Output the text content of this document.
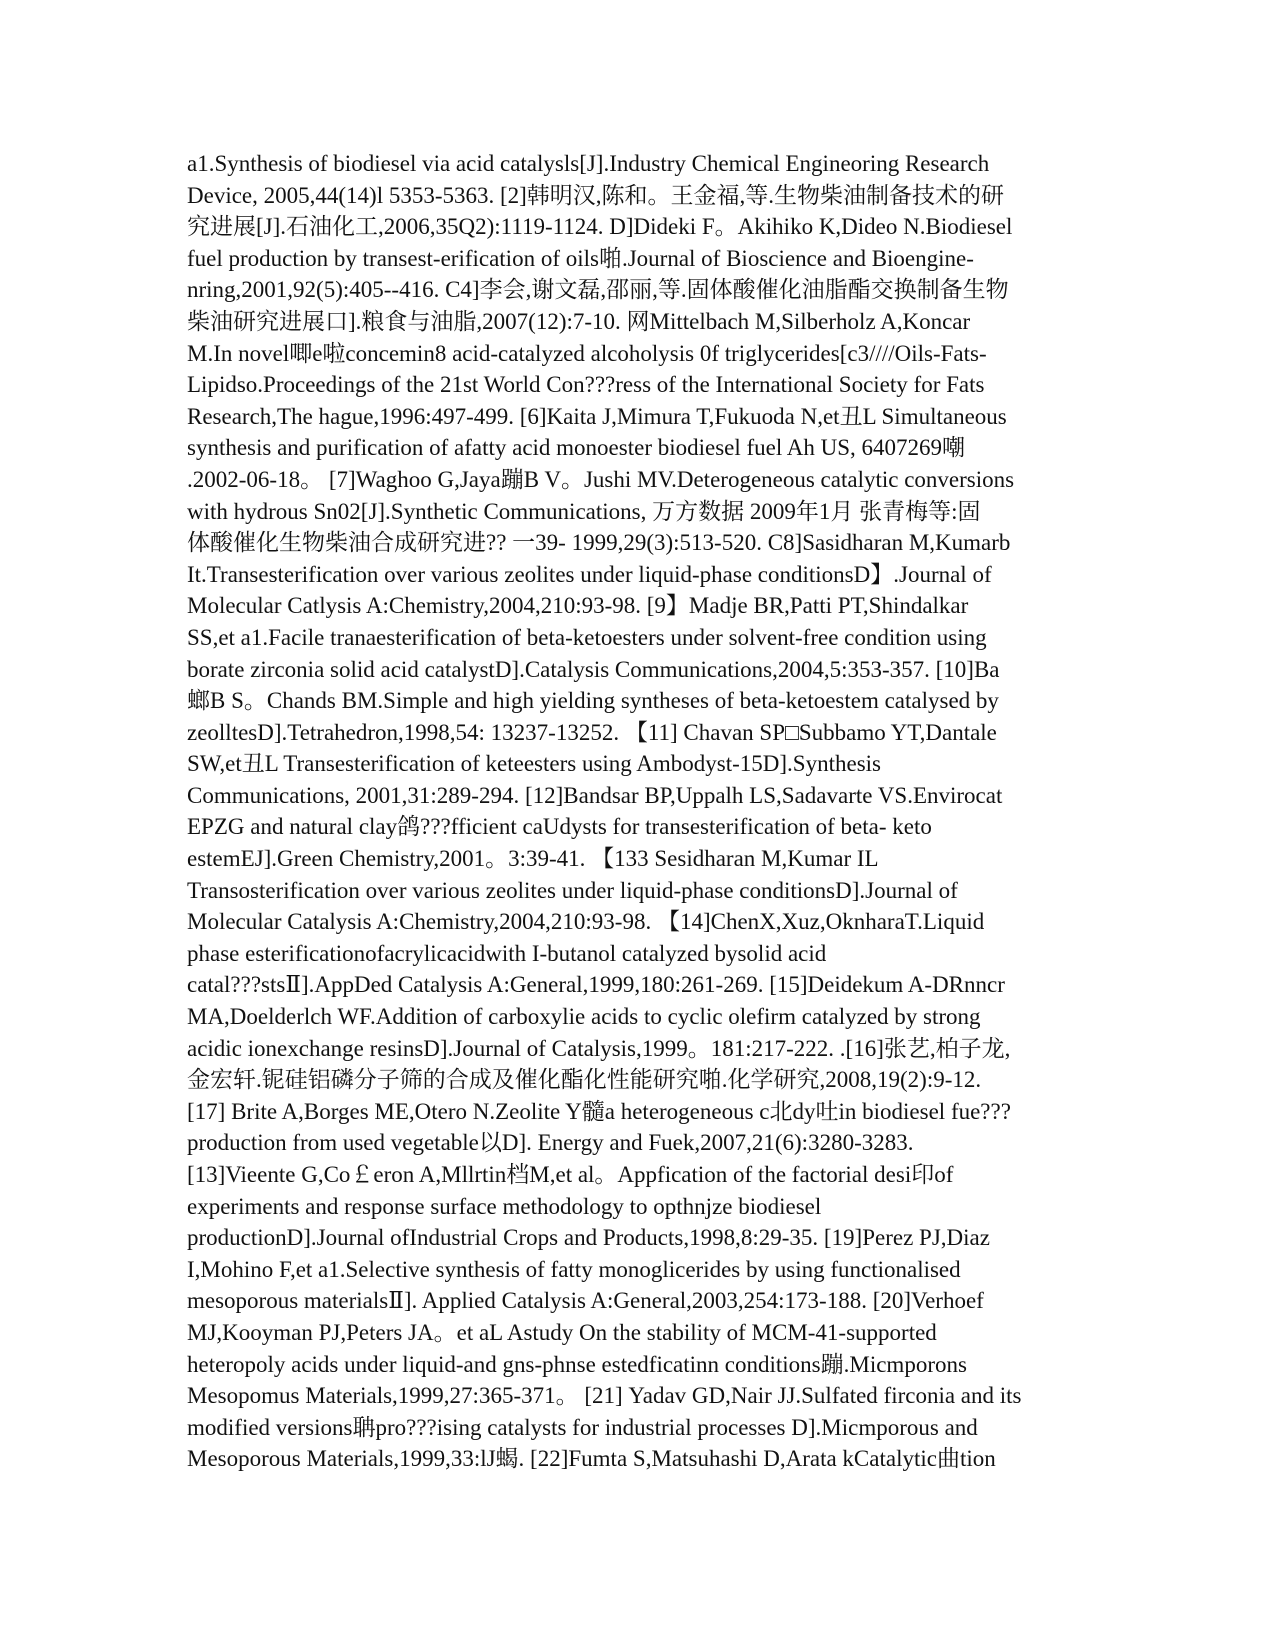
a1.Synthesis of biodiesel via acid catalysls[J].Industry Chemical Engineoring Research
Device, 2005,44(14)l 5353-5363. [2]韩明汉,陈和。王金福,等.生物柴油制备技术的研
究进展[J].石油化工,2006,35Q2):1119-1124. D]Dideki F。Akihiko K,Dideo N.Biodiesel
fuel production by transest-erification of oils啪.Journal of Bioscience and Bioengine-
nring,2001,92(5):405--416. C4]李会,谢文磊,邵丽,等.固体酸催化油脂酯交换制备生物
柴油研究进展口].粮食与油脂,2007(12):7-10. 网Mittelbach M,Silberholz A,Koncar
M.In novel唧e啦concemin8 acid-catalyzed alcoholysis 0f triglycerides[c3////Oils-Fats-
Lipidso.Proceedings of the 21st World Con???ress of the International Society for Fats
Research,The hague,1996:497-499. [6]Kaita J,Mimura T,Fukuoda N,et丑L Simultaneous
synthesis and purification of afatty acid monoester biodiesel fuel Ah US, 6407269嘲
.2002-06-18。 [7]Waghoo G,Jaya蹦B V。Jushi MV.Deterogeneous catalytic conversions
with hydrous Sn02[J].Synthetic Communications, 万方数据 2009年1月 张青梅等:固
体酸催化生物柴油合成研究进?? 一39- 1999,29(3):513-520. C8]Sasidharan M,Kumarb
It.Transesterification over various zeolites under liquid-phase conditionsD】.Journal of
Molecular Catlysis A:Chemistry,2004,210:93-98. [9】Madje BR,Patti PT,Shindalkar
SS,et a1.Facile tranaesterification of beta-ketoesters under solvent-free condition using
borate zirconia solid acid catalystD].Catalysis Communications,2004,5:353-357. [10]Ba
螂B S。Chands BM.Simple and high yielding syntheses of beta-ketoestem catalysed by
zeolltesD].Tetrahedron,1998,54: 13237-13252. 【11] Chavan SP□Subbamo YT,Dantale
SW,et丑L Transesterification of keteesters using Ambodyst-15D].Synthesis
Communications, 2001,31:289-294. [12]Bandsar BP,Uppalh LS,Sadavarte VS.Envirocat
EPZG and natural clay鸽???fficient caUdysts for transesterification of beta- keto
estemEJ].Green Chemistry,2001。3:39-41. 【133 Sesidharan M,Kumar IL
Transosterification over various zeolites under liquid-phase conditionsD].Journal of
Molecular Catalysis A:Chemistry,2004,210:93-98. 【14]ChenX,Xuz,OknharaT.Liquid
phase esterificationofacrylicacidwith I-butanol catalyzed bysolid acid
catal???stsⅡ].AppDed Catalysis A:General,1999,180:261-269. [15]Deidekum A-DRnncr
MA,Doelderlch WF.Addition of carboxylie acids to cyclic olefirm catalyzed by strong
acidic ionexchange resinsD].Journal of Catalysis,1999。181:217-222. .[16]张艺,柏子龙,
金宏轩.铌硅铝磷分子筛的合成及催化酯化性能研究啪.化学研究,2008,19(2):9-12.
[17] Brite A,Borges ME,Otero N.Zeolite Y髓a heterogeneous c北dy吐in biodiesel fue???
production from used vegetable以D]. Energy and Fuek,2007,21(6):3280-3283.
[13]Vieente G,Co￡eron A,Mllrtin档M,et al。Appfication of the factorial desi印of
experiments and response surface methodology to opthnjze biodiesel
productionD].Journal ofIndustrial Crops and Products,1998,8:29-35. [19]Perez PJ,Diaz
I,Mohino F,et a1.Selective synthesis of fatty monoglicerides by using functionalised
mesoporous materialsⅡ]. Applied Catalysis A:General,2003,254:173-188. [20]Verhoef
MJ,Kooyman PJ,Peters JA。et aL Astudy On the stability of MCM-41-supported
heteropoly acids under liquid-and gns-phnse estedficatinn conditions蹦.Micmporons
Mesopomus Materials,1999,27:365-371。 [21] Yadav GD,Nair JJ.Sulfated firconia and its
modified versions聃pro???ising catalysts for industrial processes D].Micmporous and
Mesoporous Materials,1999,33:lJ蝎. [22]Fumta S,Matsuhashi D,Arata kCatalytic曲tion
